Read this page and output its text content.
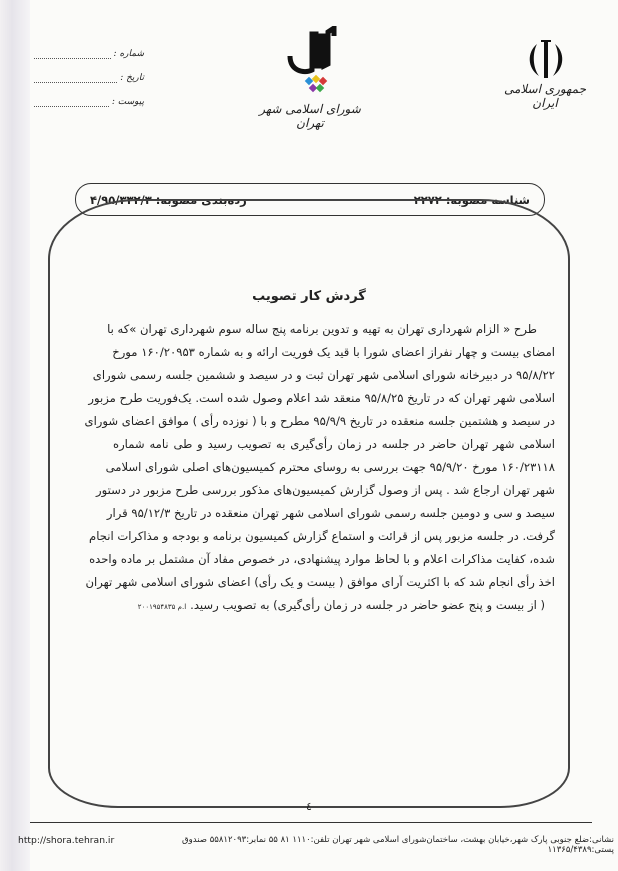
جمهوری اسلامی ایران
شورای اسلامی شهر تهران
شماره :
تاریخ :
پیوست :
شناسه مصوبه: ۲۲۷۲
رده‌بندی مصوبه: ۴/۹۵/۳۳۲/۳
گردش کار تصویب
طرح « الزام شهرداری تهران به تهیه و تدوین برنامه پنج ساله سوم شهرداری تهران »که با
امضای بیست و چهار نفراز اعضای شورا با قید یک فوریت ارائه و به شماره ۱۶۰/۲۰۹۵۳ مورخ
۹۵/۸/۲۲ در دبیرخانه شورای اسلامی شهر تهران ثبت و در سیصد و ششمین جلسه رسمی شورای
اسلامی شهر تهران که در تاریخ ۹۵/۸/۲۵ منعقد شد اعلام وصول شده است. یک‌فوریت طرح مزبور
در سیصد و هشتمین جلسه منعقده در تاریخ ۹۵/۹/۹ مطرح و با ( نوزده رأی ) موافق اعضای شورای
اسلامی شهر تهران حاضر در جلسه در زمان رأی‌گیری به تصویب رسید و طی نامه شماره
۱۶۰/۲۳۱۱۸ مورخ ۹۵/۹/۲۰ جهت بررسی به روسای محترم کمیسیون‌های اصلی شورای اسلامی
شهر تهران ارجاع شد . پس از وصول گزارش کمیسیون‌های مذکور بررسی طرح مزبور در دستور
سیصد و سی و دومین جلسه رسمی شورای اسلامی شهر تهران منعقده در تاریخ ۹۵/۱۲/۳ قرار
گرفت. در جلسه مزبور پس از قرائت و استماع گزارش کمیسیون برنامه و بودجه و مذاکرات انجام
شده، کفایت مذاکرات اعلام و با لحاظ موارد پیشنهادی، در خصوص مفاد آن مشتمل بر ماده واحده
اخذ رأی انجام شد که با اکثریت آرای موافق ( بیست و یک رأی) اعضای شورای اسلامی شهر تهران
( از بیست و پنج عضو حاضر در جلسه در زمان رأی‌گیری) به تصویب رسید.ا.م ۲۰۰۱۹۵۴۸۳۵
٤
http://shora.tehran.ir	نشانی:ضلع جنوبی پارک شهر،خیابان بهشت، ساختمان‌شورای اسلامی شهر تهران تلفن:۱۱۱۰ ۸۱ ۵۵ نمابر:۵۵۸۱۲۰۹۳ صندوق پستی:۱۱۳۶۵/۴۳۸۹
